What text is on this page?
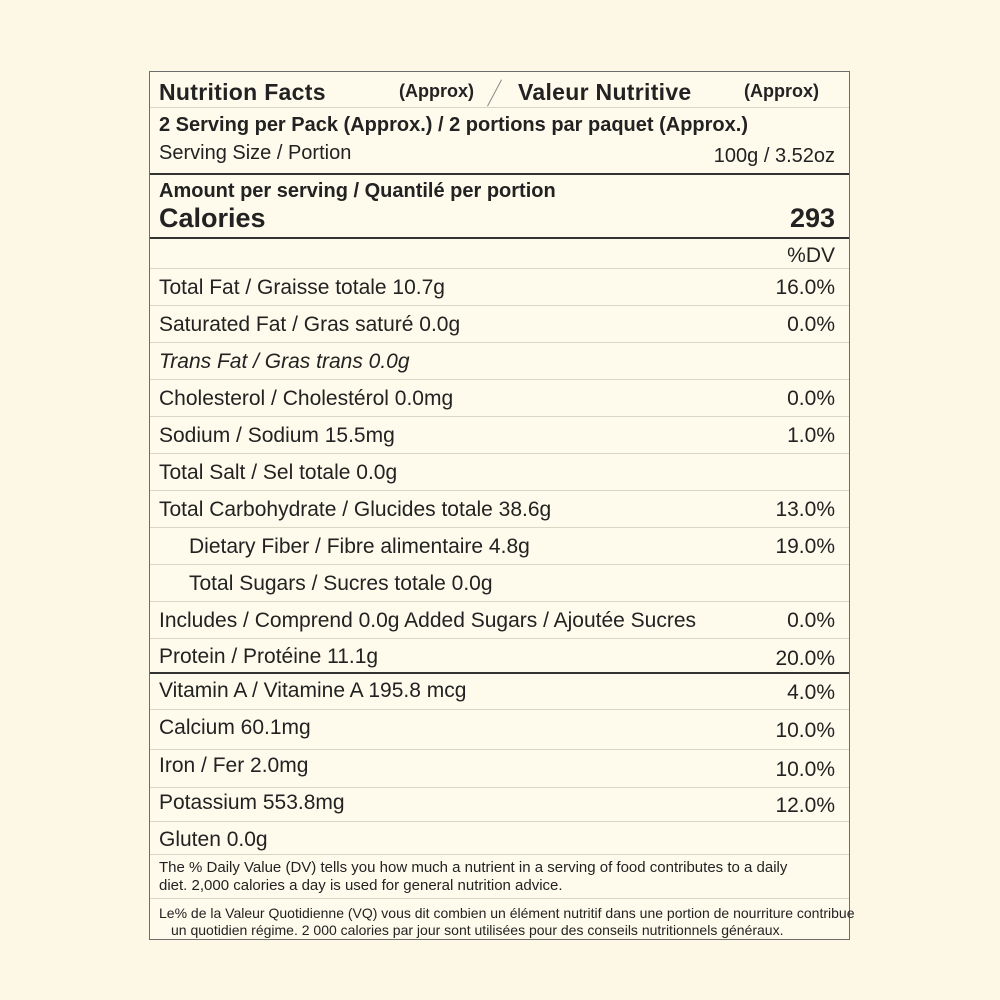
Nutrition Facts	(Approx) Valeur Nutritive	(Approx)
2 Serving per Pack (Approx.) / 2 portions par paquet (Approx.)
Serving Size / Portion	100g / 3.52oz
Amount per serving / Quantilé per portion
Calories	293
%DV
Total Fat / Graisse totale 10.7g	16.0%
Saturated Fat / Gras saturé 0.0g	0.0%
Trans Fat / Gras trans 0.0g
Cholesterol / Cholestérol 0.0mg	0.0%
Sodium / Sodium 15.5mg	1.0%
Total Salt / Sel totale 0.0g
Total Carbohydrate / Glucides totale 38.6g	13.0%
Dietary Fiber / Fibre alimentaire 4.8g	19.0%
Total Sugars / Sucres totale 0.0g
Includes / Comprend 0.0g Added Sugars / Ajoutée Sucres	0.0%
Protein / Protéine 11.1g	20.0%
Vitamin A / Vitamine A 195.8 mcg	4.0%
Calcium 60.1mg	10.0%
Iron / Fer 2.0mg	10.0%
Potassium 553.8mg	12.0%
Gluten 0.0g
The % Daily Value (DV) tells you how much a nutrient in a serving of food contributes to a daily
diet. 2,000 calories a day is used for general nutrition advice.
Le% de la Valeur Quotidienne (VQ) vous dit combien un élément nutritif dans une portion de nourriture contribue
un quotidien régime. 2 000 calories par jour sont utilisées pour des conseils nutritionnels généraux.
